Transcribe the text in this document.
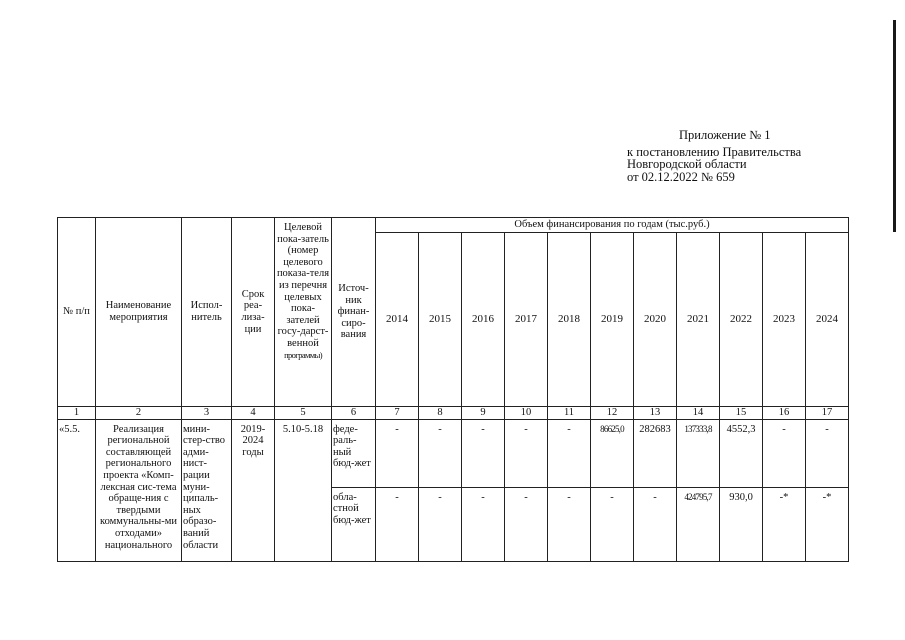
Приложение № 1
к постановлению Правительства
Новгородской области
от 02.12.2022 № 659
№ п/п	Наименование мероприятия	Испол-нитель	Срок реа-лиза-ции	Целевой пока-затель (номер целевого показа-теля из перечня целевых пока-зателей госу-дарст-венной программы)	Источ-ник финан-сиро-вания	Объем финансирования по годам (тыс.руб.)										
						2014	2015	2016	2017	2018	2019	2020	2021	2022	2023	2024
1	2	3	4	5	6	7	8	9	10	11	12	13	14	15	16	17
«5.5.	Реализация региональной составляющей регионального проекта «Комп-лексная сис-тема обраще-ния с твердыми коммунальны-ми отходами» национального	мини-стер-ство адми-нист-рации муни-ципаль-ных образо-ваний области	2019-2024 годы	5.10-5.18	феде-раль-ный бюд-жет	-	-	-	-	-	86625,0	282683	137333,8	4552,3	-	-
					обла-стной бюд-жет	-	-	-	-	-	-	-	424795,7	930,0	-*	-*
